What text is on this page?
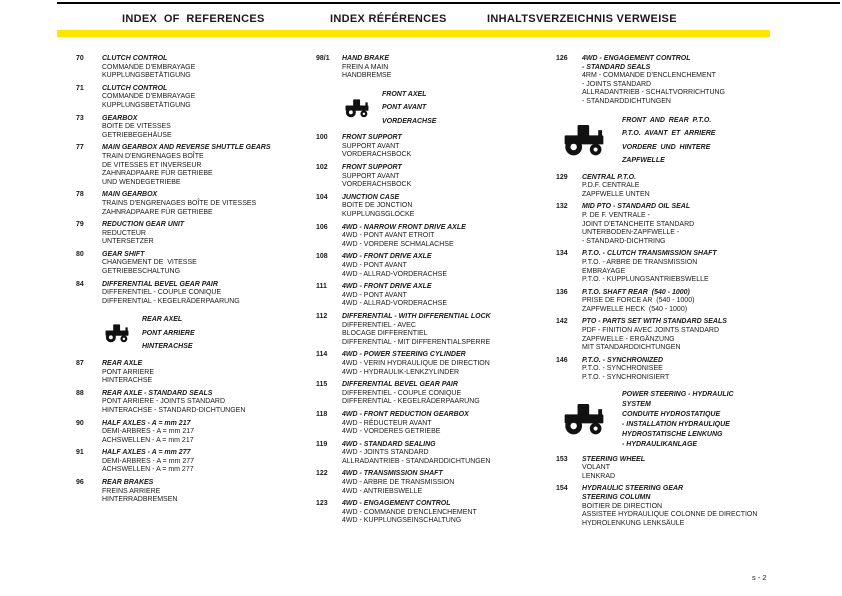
INDEX  OF  REFERENCES	INDEX RÉFÉRENCES	INHALTSVERZEICHNIS VERWEISE
70	CLUTCH CONTROL
COMMANDE D'EMBRAYAGE
KUPPLUNGSBETÄTIGUNG
71	CLUTCH CONTROL
COMMANDE D'EMBRAYAGE
KUPPLUNGSBETÄTIGUNG
73	GEARBOX
BOITE DE VITESSES
GETRIEBEGEHÄUSE
77	MAIN GEARBOX AND REVERSE SHUTTLE GEARS
TRAIN D'ENGRENAGES BOÎTE
DE VITESSES ET INVERSEUR
ZAHNRADPAARE FÜR GETRIEBE
UND WENDEGETRIEBE
78	MAIN GEARBOX
TRAINS D'ENGRENAGES BOÎTE DE VITESSES
ZAHNRADPAARE FÜR GETRIEBE
79	REDUCTION GEAR UNIT
REDUCTEUR
UNTERSETZER
80	GEAR SHIFT
CHANGEMENT DE  VITESSE
GETRIEBESCHALTUNG
84	DIFFERENTIAL BEVEL GEAR PAIR
DIFFERENTIEL - COUPLE CONIQUE
DIFFERENTIAL - KEGELRÄDERPAARUNG
REAR AXEL
PONT ARRIERE
HINTERACHSE
87	REAR AXLE
PONT ARRIERE
HINTERACHSE
88	REAR AXLE - STANDARD SEALS
PONT ARRIERE - JOINTS STANDARD
HINTERACHSE - STANDARD-DICHTUNGEN
90	HALF AXLES - A = mm 217
DEMI-ARBRES - A = mm 217
ACHSWELLEN - A = mm 217
91	HALF AXLES - A = mm 277
DEMI-ARBRES - A = mm 277
ACHSWELLEN - A = mm 277
96	REAR BRAKES
FREINS ARRIERE
HINTERRADBREMSEN
98/1	HAND BRAKE
FREIN A MAIN
HANDBREMSE
FRONT AXEL
PONT AVANT
VORDERACHSE
100	FRONT SUPPORT
SUPPORT AVANT
VORDERACHSBOCK
102	FRONT SUPPORT
SUPPORT AVANT
VORDERACHSBOCK
104	JUNCTION CASE
BOITE DE JONCTION
KUPPLUNGSGLOCKE
106	4WD - NARROW FRONT DRIVE AXLE
4WD - PONT AVANT ETROIT
4WD - VORDERE SCHMALACHSE
108	4WD - FRONT DRIVE AXLE
4WD - PONT AVANT
4WD - ALLRAD-VORDERACHSE
111	4WD - FRONT DRIVE AXLE
4WD - PONT AVANT
4WD - ALLRAD-VORDERACHSE
112	DIFFERENTIAL - WITH DIFFERENTIAL LOCK
DIFFERENTIEL - AVEC
BLOCAGE DIFFERENTIEL
DIFFERENTIAL - MIT DIFFERENTIALSPERRE
114	4WD - POWER STEERING CYLINDER
4WD - VERIN HYDRAULIQUE DE DIRECTION
4WD - HYDRAULIK-LENKZYLINDER
115	DIFFERENTIAL BEVEL GEAR PAIR
DIFFERENTIEL - COUPLE CONIQUE
DIFFERENTIAL - KEGELRÄDERPAARUNG
118	4WD - FRONT REDUCTION GEARBOX
4WD - RÉDUCTEUR AVANT
4WD - VORDERES GETRIEBE
119	4WD - STANDARD SEALING
4WD - JOINTS STANDARD
ALLRADANTRIEB - STANDARDDICHTUNGEN
122	4WD - TRANSMISSION SHAFT
4WD - ARBRE DE TRANSMISSION
4WD - ANTRIEBSWELLE
123	4WD - ENGAGEMENT CONTROL
4WD - COMMANDE D'ENCLENCHEMENT
4WD - KUPPLUNGSEINSCHALTUNG
126	4WD - ENGAGEMENT CONTROL
- STANDARD SEALS
4RM - COMMANDE D'ENCLENCHEMENT
- JOINTS STANDARD
ALLRADANTRIEB - SCHALTVORRICHTUNG
- STANDARDDICHTUNGEN
FRONT  AND  REAR  P.T.O.
P.T.O.  AVANT  ET  ARRIERE
VORDERE  UND  HINTERE
ZAPFWELLE
129	CENTRAL P.T.O.
P.D.F. CENTRALE
ZAPFWELLE UNTEN
132	MID PTO - STANDARD OIL SEAL
P. DE F. VENTRALE -
JOINT D'ETANCHEITE STANDARD
UNTERBODEN-ZAPFWELLE -
- STANDARD-DICHTRING
134	P.T.O. - CLUTCH TRANSMISSION SHAFT
P.T.O. - ARBRE DE TRANSMISSION
EMBRAYAGE
P.T.O. - KUPPLUNGSANTRIEBSWELLE
136	P.T.O. SHAFT REAR  (540 - 1000)
PRISE DE FORCE AR  (540 - 1000)
ZAPFWELLE HECK  (540 - 1000)
142	PTO - PARTS SET WITH STANDARD SEALS
PDF - FINITION AVEC JOINTS STANDARD
ZAPFWELLE - ERGÄNZUNG
MIT STANDARDDICHTUNGEN
146	P.T.O. - SYNCHRONIZED
P.T.O. - SYNCHRONISEE
P.T.O. - SYNCHRONISIERT
POWER STEERING - HYDRAULIC
SYSTEM
CONDUITE HYDROSTATIQUE
- INSTALLATION HYDRAULIQUE
HYDROSTATISCHE LENKUNG
- HYDRAULIKANLAGE
153	STEERING WHEEL
VOLANT
LENKRAD
154	HYDRAULIC STEERING GEAR
STEERING COLUMN
BOITIER DE DIRECTION
ASSISTEE HYDRAULIQUE COLONNE DE DIRECTION
HYDROLENKUNG LENKSÄULE
s - 2
